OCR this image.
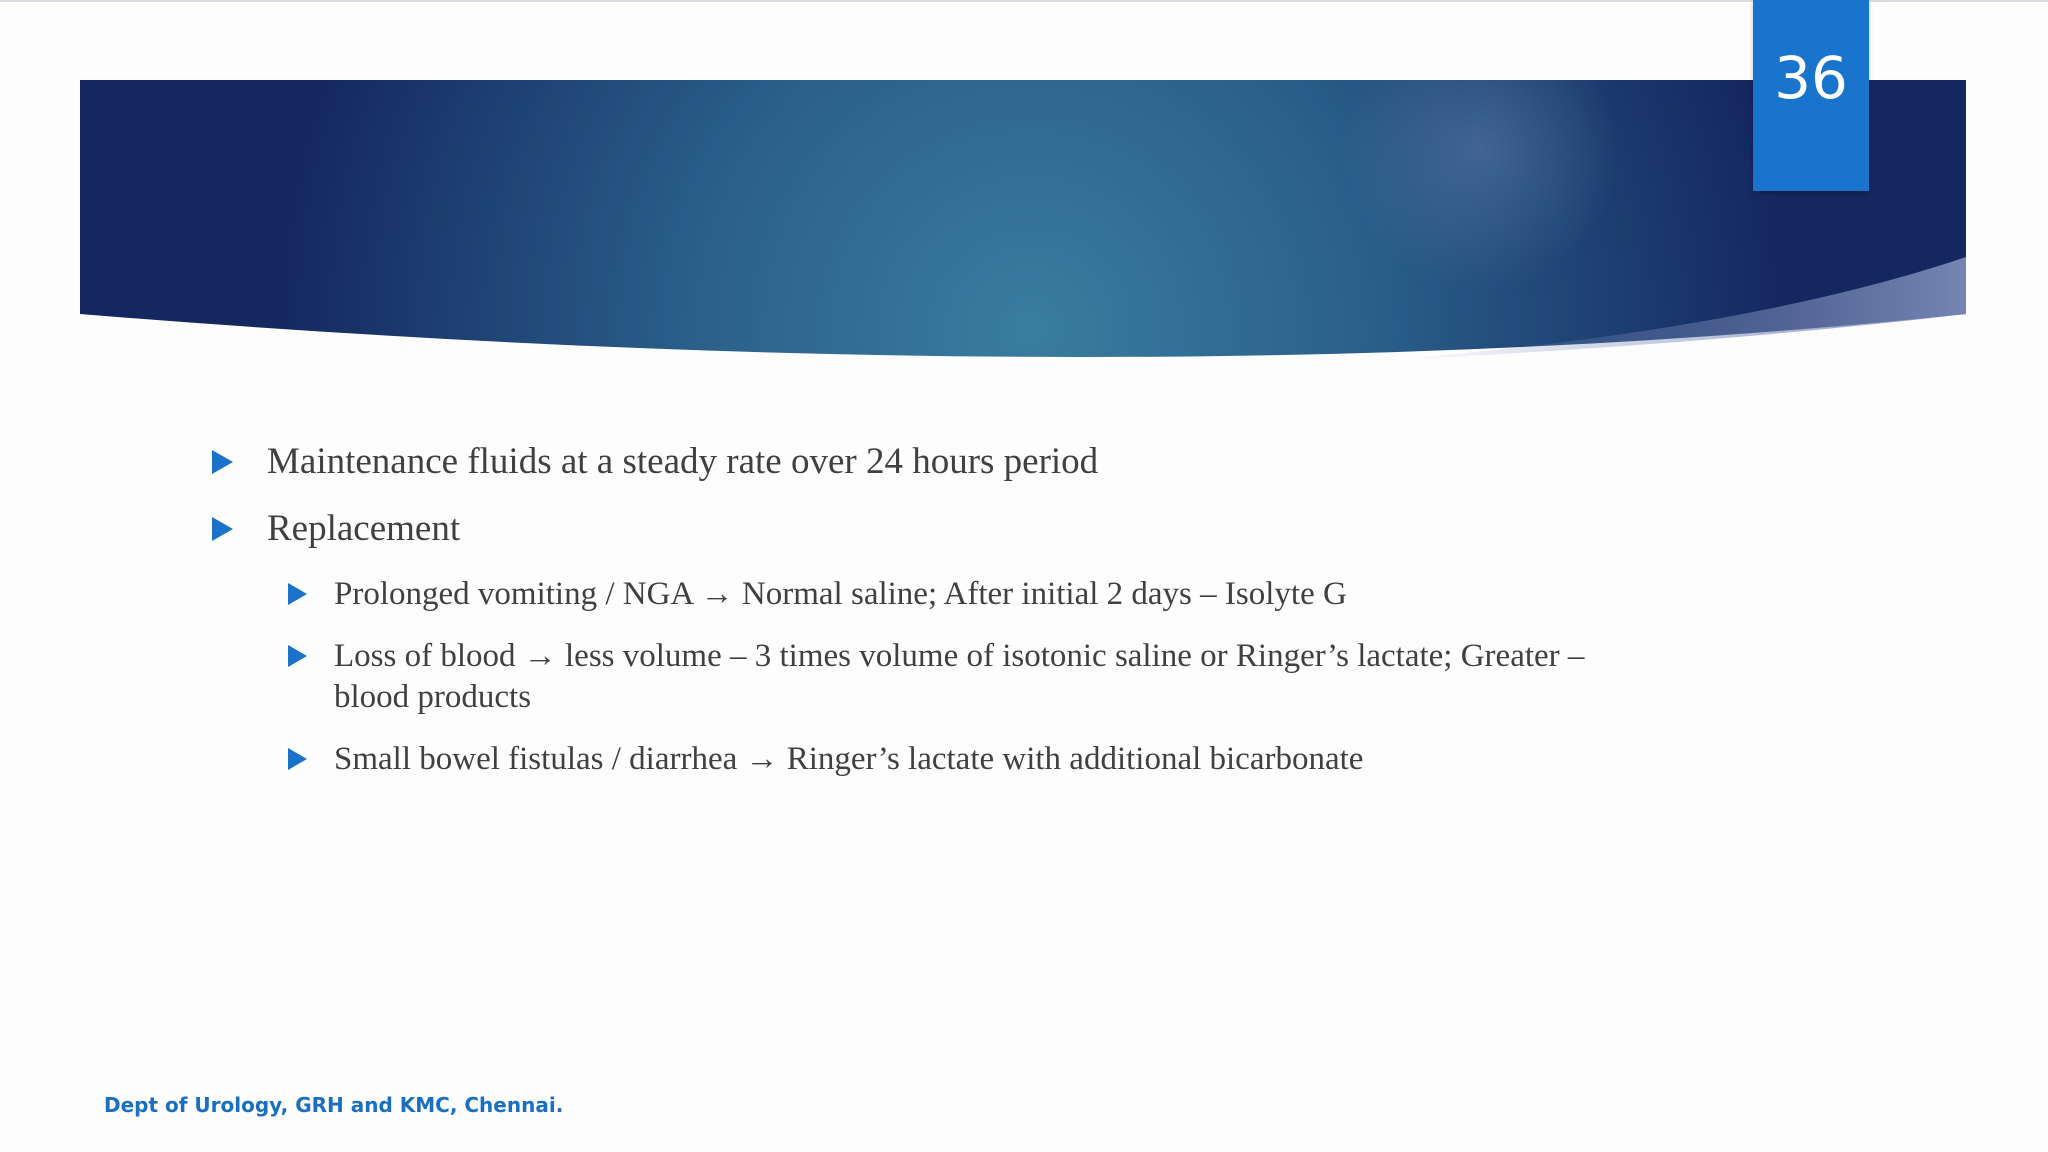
36
Maintenance fluids at a steady rate over 24 hours period
Replacement
Prolonged vomiting / NGA → Normal saline; After initial 2 days – Isolyte G
Loss of blood → less volume – 3 times volume of isotonic saline or Ringer’s lactate; Greater – blood products
Small bowel fistulas / diarrhea → Ringer’s lactate with additional bicarbonate
Dept of Urology, GRH and KMC, Chennai.
